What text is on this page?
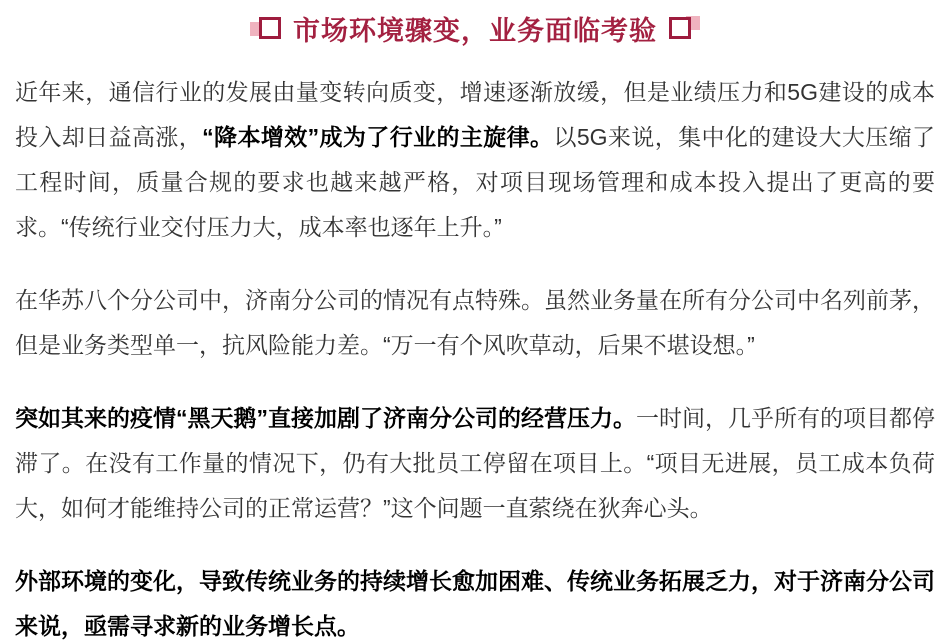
市场环境骤变，业务面临考验

近年来，通信行业的发展由量变转向质变，增速逐渐放缓，但是业绩压力和5G建设的成本投入却日益高涨，“降本增效”成为了行业的主旋律。以5G来说，集中化的建设大大压缩了工程时间，质量合规的要求也越来越严格，对项目现场管理和成本投入提出了更高的要求。“传统行业交付压力大，成本率也逐年上升。”

在华苏八个分公司中，济南分公司的情况有点特殊。虽然业务量在所有分公司中名列前茅，但是业务类型单一，抗风险能力差。“万一有个风吹草动，后果不堪设想。”

突如其来的疫情“黑天鹅”直接加剧了济南分公司的经营压力。一时间，几乎所有的项目都停滞了。在没有工作量的情况下，仍有大批员工停留在项目上。“项目无进展，员工成本负荷大，如何才能维持公司的正常运营？”这个问题一直萦绕在狄奔心头。

外部环境的变化，导致传统业务的持续增长愈加困难、传统业务拓展乏力，对于济南分公司来说，亟需寻求新的业务增长点。
